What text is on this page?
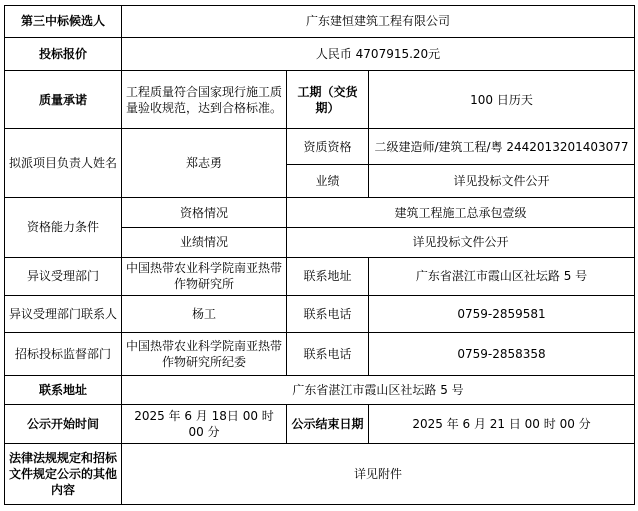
第三中标候选人	广东建恒建筑工程有限公司		
投标报价	人民币 4707915.20元		
质量承诺	工程质量符合国家现行施工质量验收规范，达到合格标准。	工期（交货期）	100 日历天
拟派项目负责人姓名	郑志勇	资质资格	二级建造师/建筑工程/粤 2442013201403077
		业绩	详见投标文件公开
资格能力条件	资格情况	建筑工程施工总承包壹级	
	业绩情况	详见投标文件公开	
异议受理部门	中国热带农业科学院南亚热带作物研究所	联系地址	广东省湛江市霞山区社坛路 5 号
异议受理部门联系人	杨工	联系电话	0759-2859581
招标投标监督部门	中国热带农业科学院南亚热带作物研究所纪委	联系电话	0759-2858358
联系地址	广东省湛江市霞山区社坛路 5 号		
公示开始时间	2025 年 6 月 18日 00 时 00 分	公示结束日期	2025 年 6 月 21 日 00 时 00 分
法律法规规定和招标文件规定公示的其他内容	详见附件		
